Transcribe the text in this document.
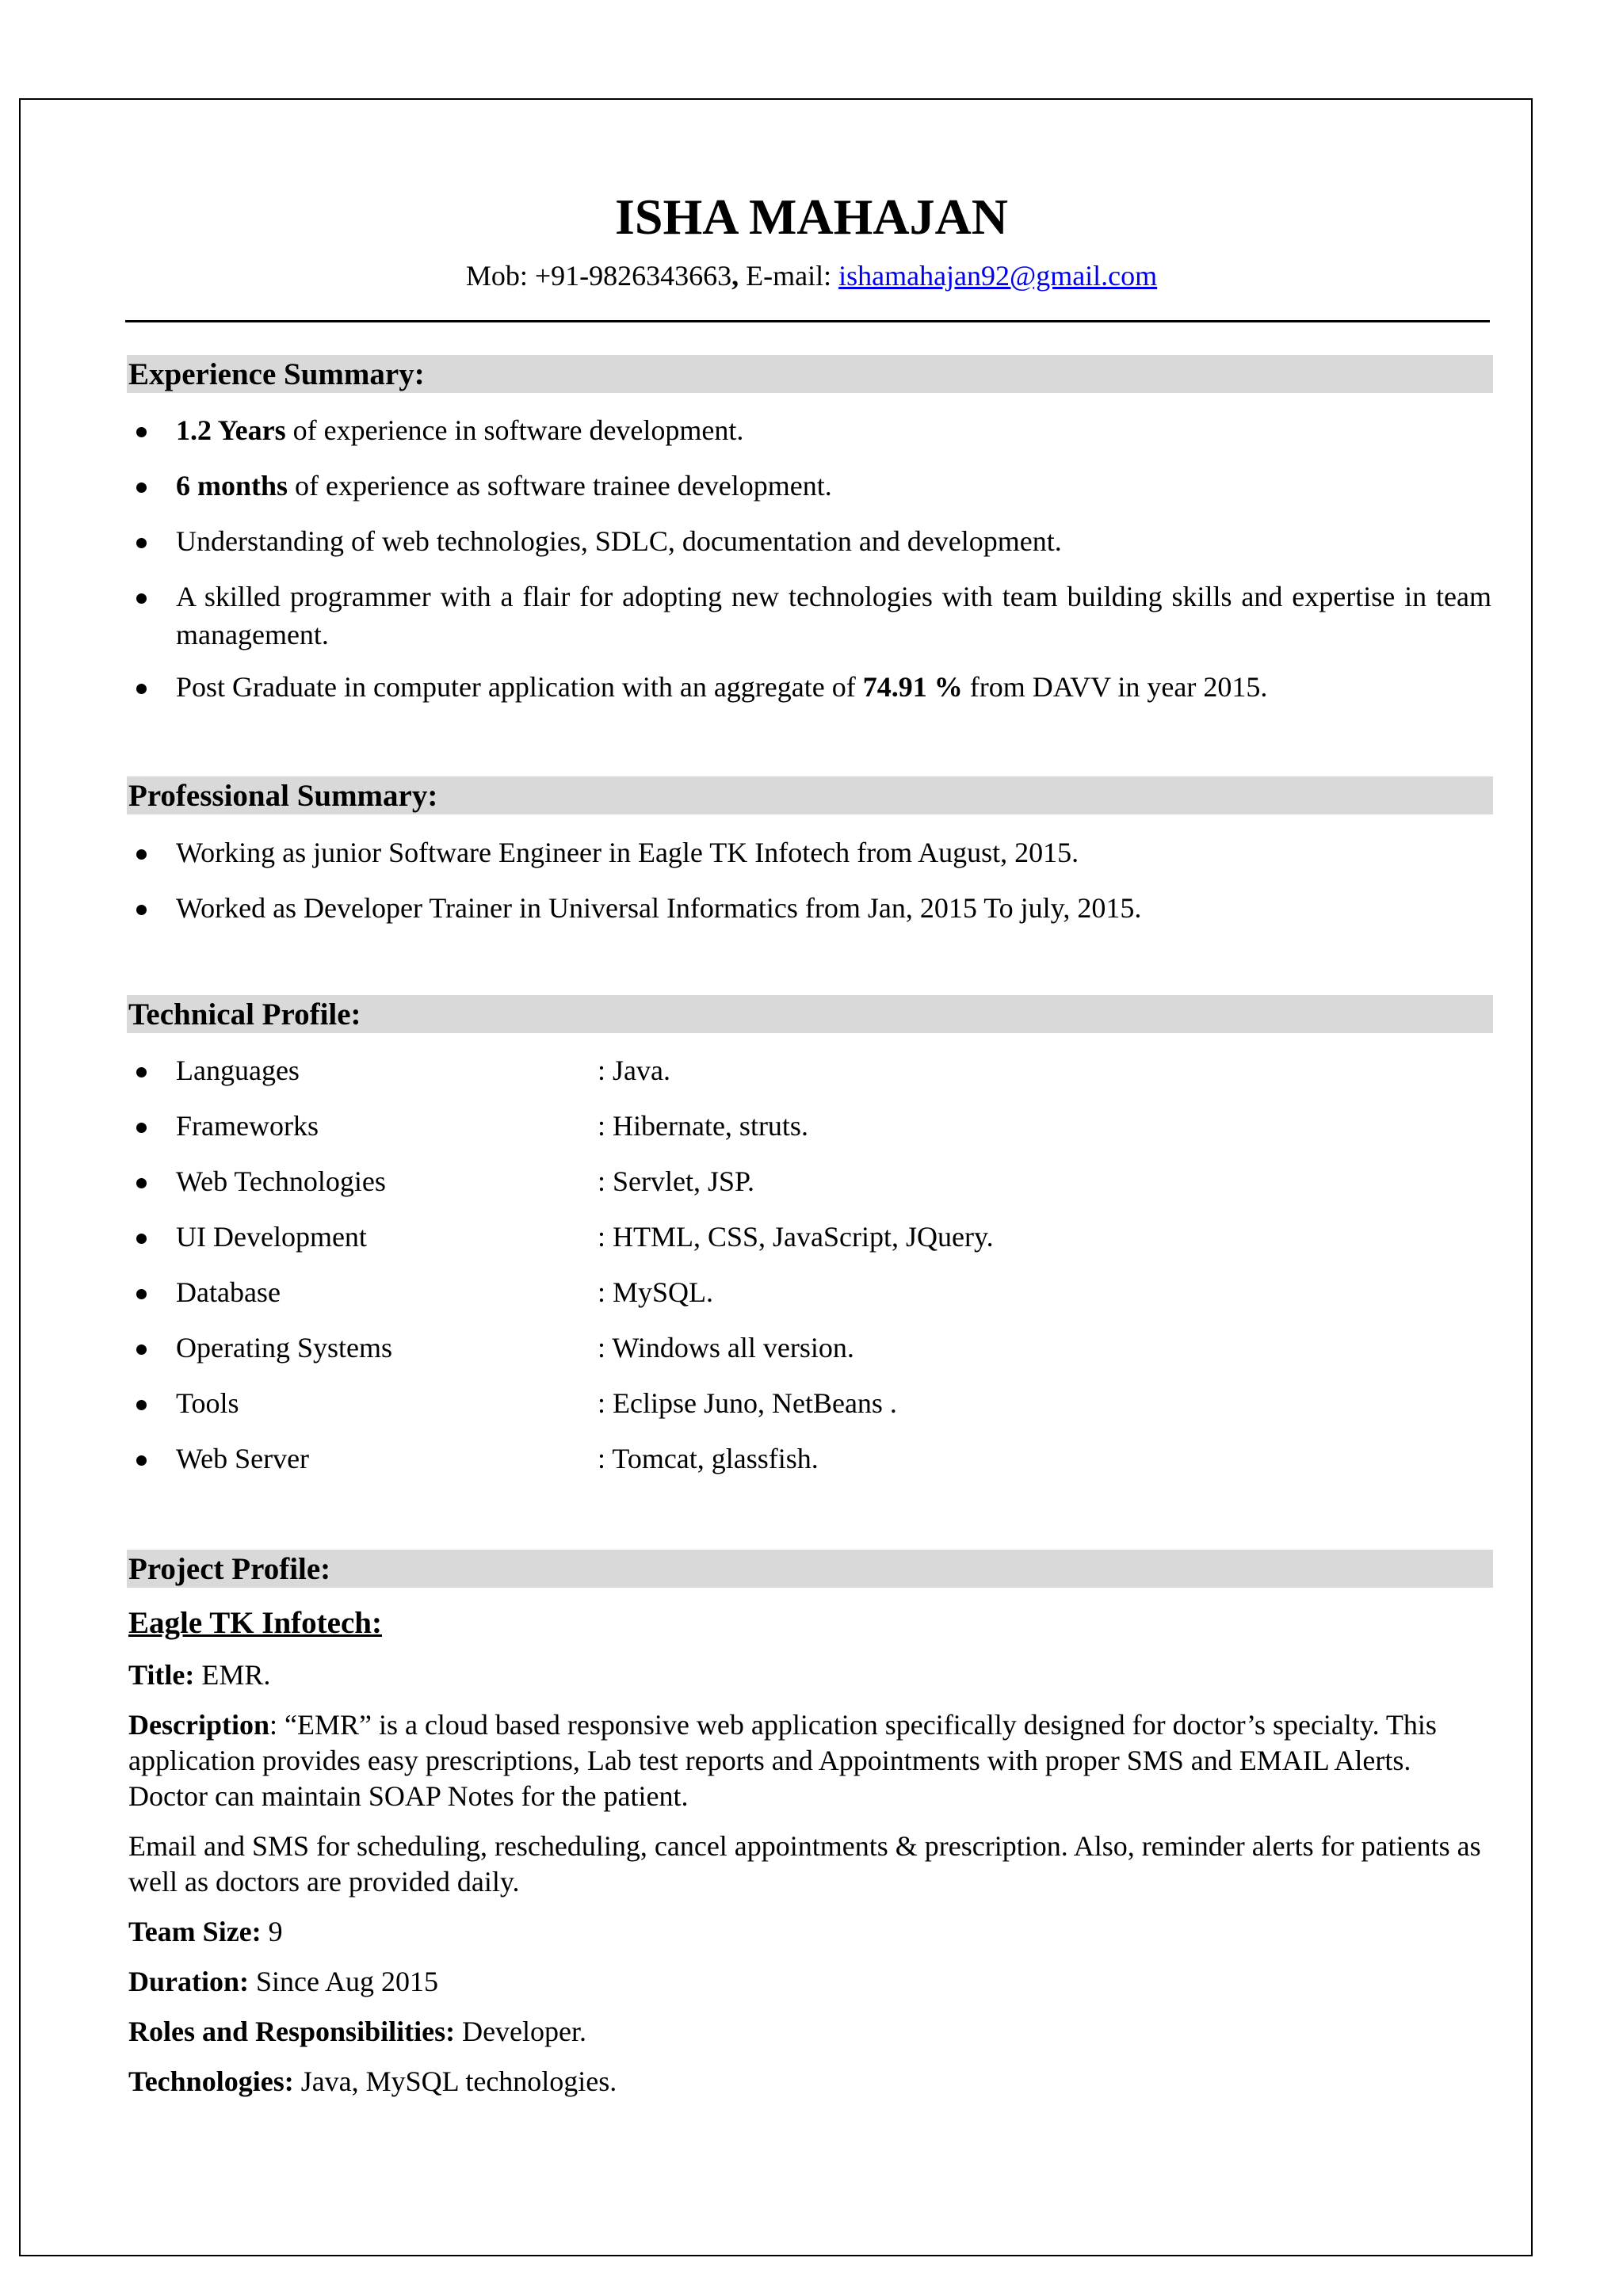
ISHA MAHAJAN
Mob: +91-9826343663, E-mail: ishamahajan92@gmail.com
Experience Summary:
1.2 Years of experience in software development.
6 months of experience as software trainee development.
Understanding of web technologies, SDLC, documentation and development.
A skilled programmer with a flair for adopting new technologies with team building skills and expertise in team management.
Post Graduate in computer application with an aggregate of 74.91 % from DAVV in year 2015.
Professional Summary:
Working as junior Software Engineer in Eagle TK Infotech from August, 2015.
Worked as Developer Trainer in Universal Informatics from Jan, 2015 To july, 2015.
Technical Profile:
Languages	: Java.
Frameworks	: Hibernate, struts.
Web Technologies	: Servlet, JSP.
UI Development	: HTML, CSS, JavaScript, JQuery.
Database	: MySQL.
Operating Systems	: Windows all version.
Tools	: Eclipse Juno, NetBeans .
Web Server	: Tomcat, glassfish.
Project Profile:
Eagle TK Infotech:

Title: EMR.

Description: “EMR” is a cloud based responsive web application specifically designed for doctor’s specialty. This application provides easy prescriptions, Lab test reports and Appointments with proper SMS and EMAIL Alerts. Doctor can maintain SOAP Notes for the patient.

Email and SMS for scheduling, rescheduling, cancel appointments & prescription. Also, reminder alerts for patients as well as doctors are provided daily.

Team Size: 9

Duration: Since Aug 2015

Roles and Responsibilities: Developer.

Technologies: Java, MySQL technologies.
